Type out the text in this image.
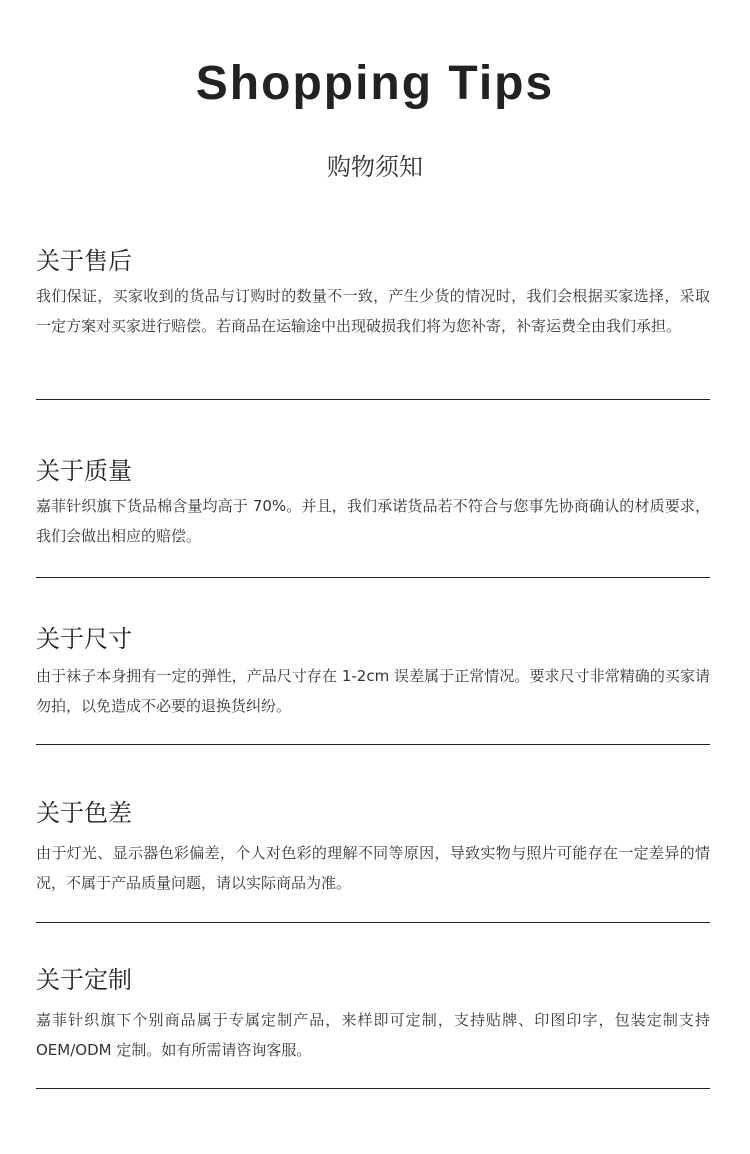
Shopping Tips
购物须知
关于售后

我们保证，买家收到的货品与订购时的数量不一致，产生少货的情况时，我们会根据买家选择，采取一定方案对买家进行赔偿。若商品在运输途中出现破损我们将为您补寄，补寄运费全由我们承担。

关于质量

嘉菲针织旗下货品棉含量均高于 70%。并且，我们承诺货品若不符合与您事先协商确认的材质要求，我们会做出相应的赔偿。

关于尺寸

由于袜子本身拥有一定的弹性，产品尺寸存在 1-2cm 误差属于正常情况。要求尺寸非常精确的买家请勿拍，以免造成不必要的退换货纠纷。

关于色差

由于灯光、显示器色彩偏差，个人对色彩的理解不同等原因，导致实物与照片可能存在一定差异的情况，不属于产品质量问题，请以实际商品为准。

关于定制

嘉菲针织旗下个别商品属于专属定制产品，来样即可定制，支持贴牌、印图印字，包装定制支持 OEM/ODM 定制。如有所需请咨询客服。
